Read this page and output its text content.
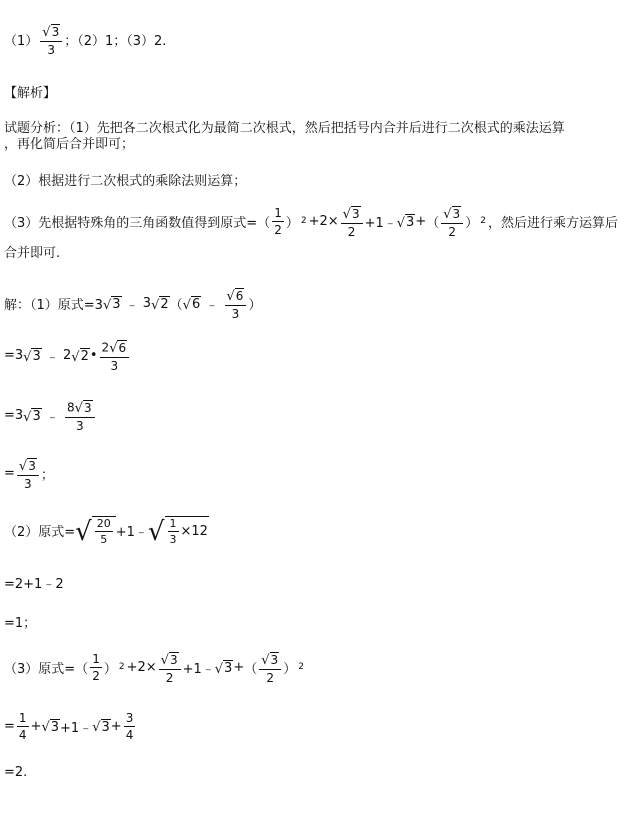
$(1) \frac{√ 3}{3}$ ；（2）1；（3）2.
【解析】
试题分析：（1）先把各二次根式化为最简二次根式，然后把括号内合并后进行二次根式的乘法运算
，再化简后合并即可；
（2）根据进行二次根式的乘除法则运算；
（3）先根据特殊角的三角函数值得到原式= （ $\frac{1}{2}$ ） $2 +2\times \frac{√ 3}{2}$ +1﹣ √ 3 + （ $\frac{√ 3}{2}$ ） 2 ，然后进行乘方运算后
合并即可.
解：（1）原式=3 √ 3 ﹣ 3 √ 2 （ √ 6 ﹣ $\frac{√ 6}{3}$ ）
=3 √ 3 ﹣ 2 √ 2 • $\frac{2 √ 6}{3}$
=3 √ 3 ﹣ $\frac{8 √ 3}{3}$
= $\frac{√ 3}{3}$ ；
（2）原式= √ $\frac{20}{5}$ +1﹣ √ $\frac{1}{3} \times 12$
=2+1﹣2
=1；
（3）原式= （ $\frac{1}{2}$ ） $2 +2\times \frac{√ 3}{2}$ +1﹣ √ 3 + （ $\frac{√ 3}{2}$ ） 2
= $\frac{1}{4}$ + √ 3 +1﹣ √ $3 + \frac{3}{4}$
=2.
